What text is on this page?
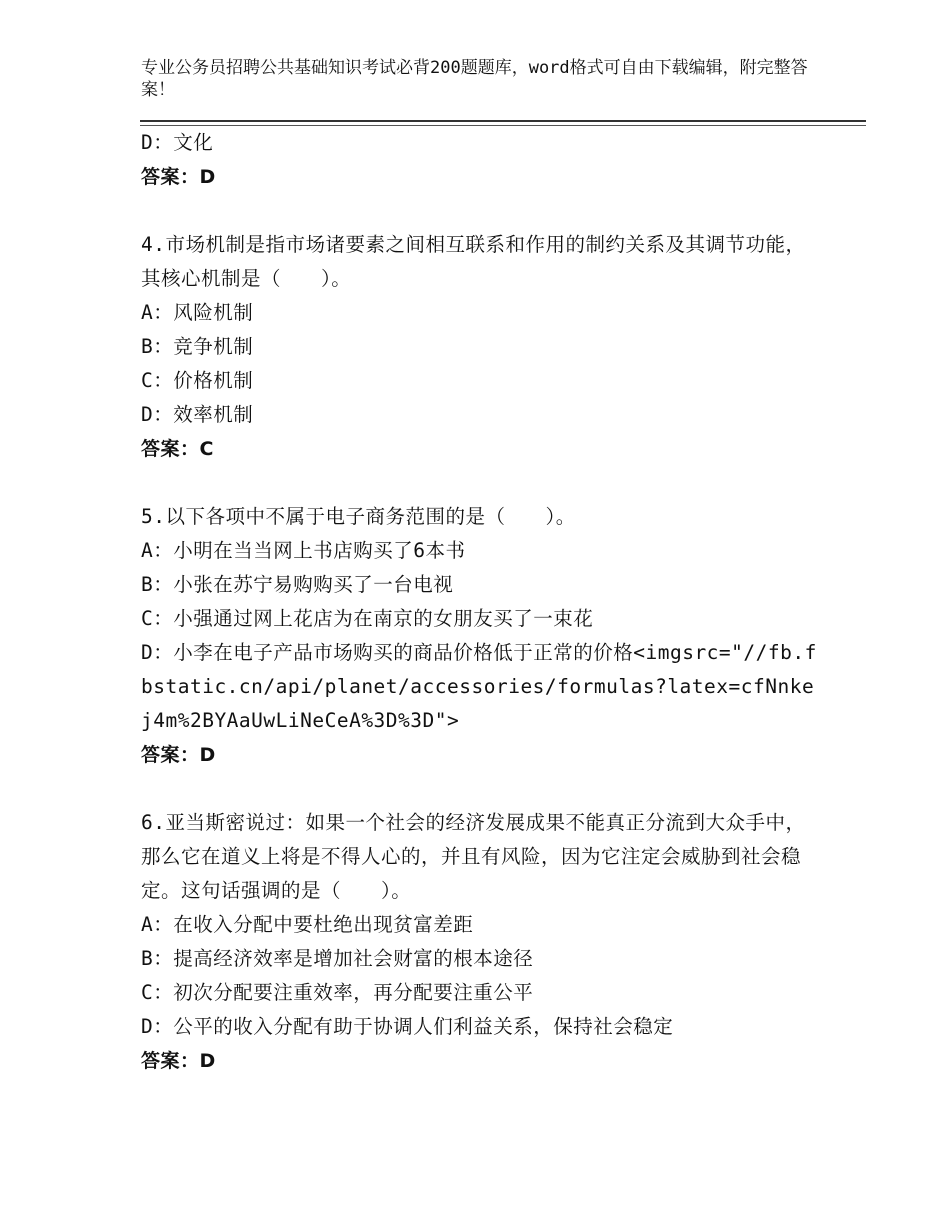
专业公务员招聘公共基础知识考试必背200题题库，word格式可自由下载编辑，附完整答案！
D：文化
答案：D
4.市场机制是指市场诸要素之间相互联系和作用的制约关系及其调节功能，其核心机制是（　　）。
A：风险机制
B：竞争机制
C：价格机制
D：效率机制
答案：C
5.以下各项中不属于电子商务范围的是（　　）。
A：小明在当当网上书店购买了6本书
B：小张在苏宁易购购买了一台电视
C：小强通过网上花店为在南京的女朋友买了一束花
D：小李在电子产品市场购买的商品价格低于正常的价格<imgsrc="//fb.fbstatic.cn/api/planet/accessories/formulas?latex=cfNnkej4m%2BYAaUwLiNeCeA%3D%3D">
答案：D
6.亚当斯密说过：如果一个社会的经济发展成果不能真正分流到大众手中，那么它在道义上将是不得人心的，并且有风险，因为它注定会威胁到社会稳定。这句话强调的是（　　）。
A：在收入分配中要杜绝出现贫富差距
B：提高经济效率是增加社会财富的根本途径
C：初次分配要注重效率，再分配要注重公平
D：公平的收入分配有助于协调人们利益关系，保持社会稳定
答案：D
